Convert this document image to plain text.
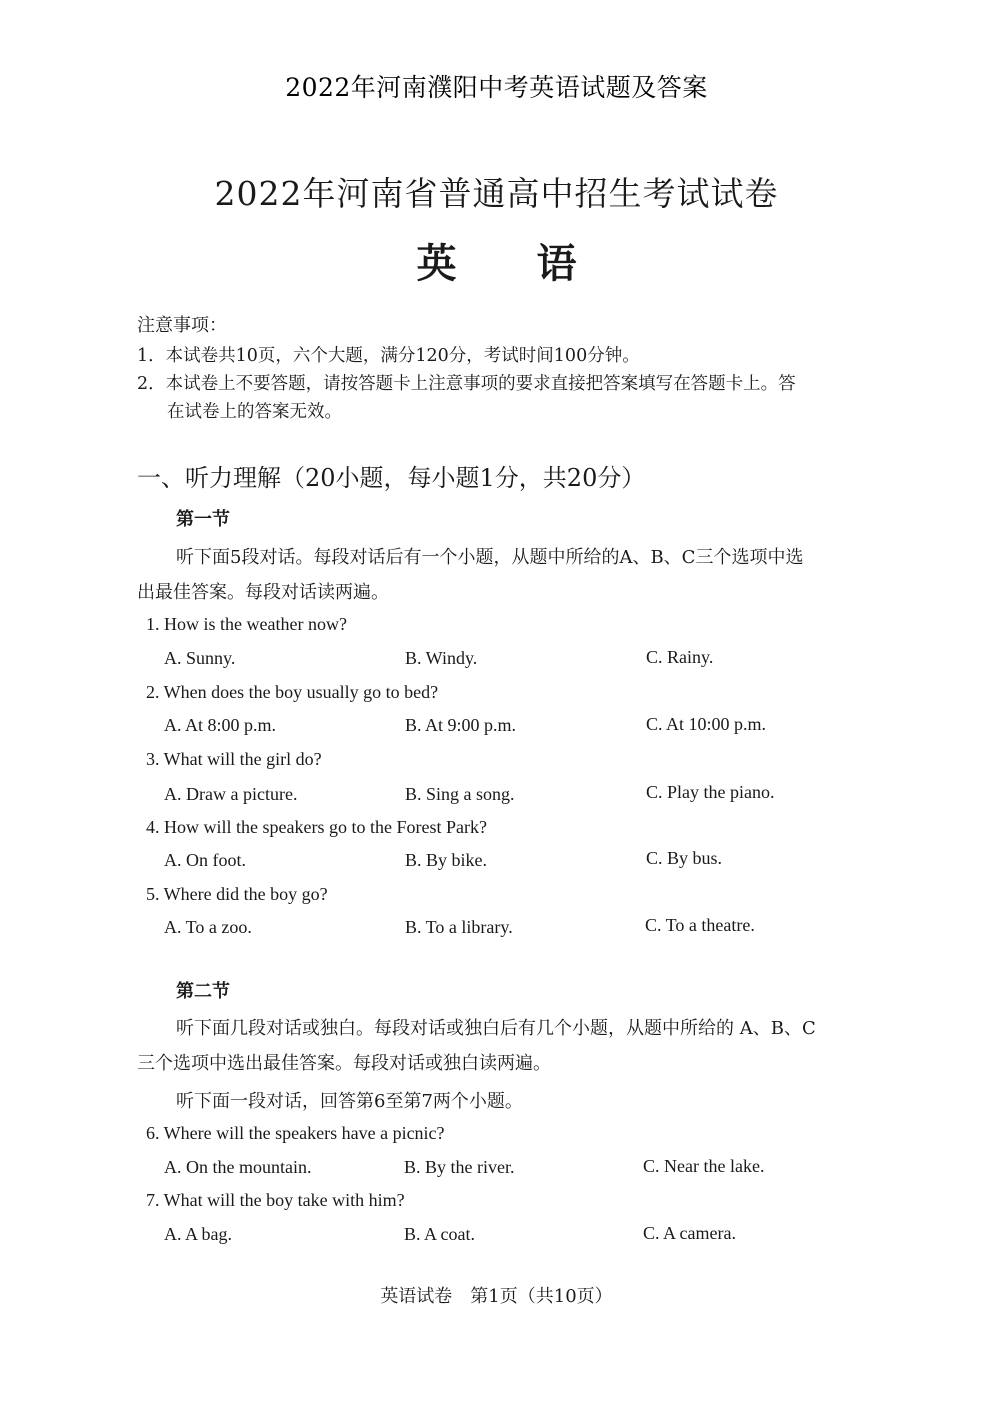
2022年河南濮阳中考英语试题及答案
2022年河南省普通高中招生考试试卷
英语
注意事项：
1．本试卷共10页，六个大题，满分120分，考试时间100分钟。
2．本试卷上不要答题，请按答题卡上注意事项的要求直接把答案填写在答题卡上。答
在试卷上的答案无效。
一、听力理解（20小题，每小题1分，共20分）
第一节
听下面5段对话。每段对话后有一个小题，从题中所给的A、B、C三个选项中选
出最佳答案。每段对话读两遍。
1. How is the weather now?
A. Sunny.	B. Windy.	C. Rainy.
2. When does the boy usually go to bed?
A. At 8:00 p.m.	B. At 9:00 p.m.	C. At 10:00 p.m.
3. What will the girl do?
A. Draw a picture.	B. Sing a song.	C. Play the piano.
4. How will the speakers go to the Forest Park?
A. On foot.	B. By bike.	C. By bus.
5. Where did the boy go?
A. To a zoo.	B. To a library.	C. To a theatre.
第二节
听下面几段对话或独白。每段对话或独白后有几个小题，从题中所给的 A、B、C
三个选项中选出最佳答案。每段对话或独白读两遍。
听下面一段对话，回答第6至第7两个小题。
6. Where will the speakers have a picnic?
A. On the mountain.	B. By the river.	C. Near the lake.
7. What will the boy take with him?
A. A bag.	B. A coat.	C. A camera.
英语试卷　第1页（共10页）
